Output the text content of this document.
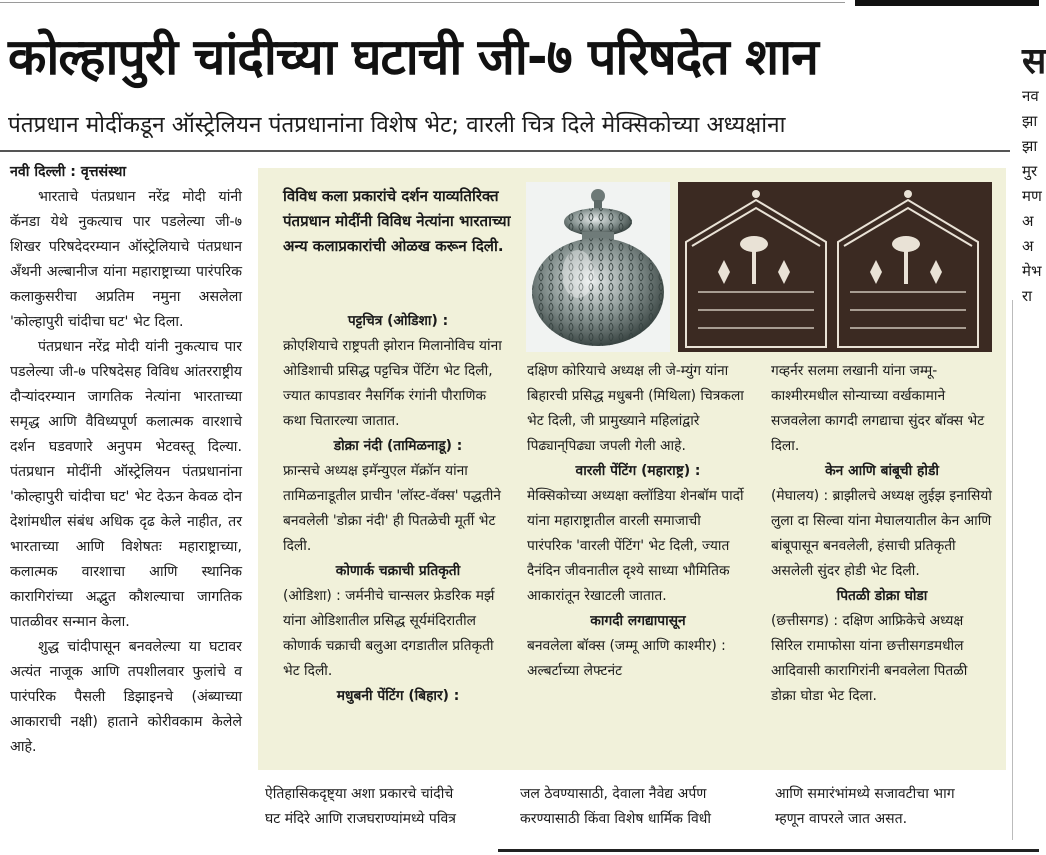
कोल्हापुरी चांदीच्या घटाची जी-७ परिषदेत शान
पंतप्रधान मोदींकडून ऑस्ट्रेलियन पंतप्रधानांना विशेष भेट; वारली चित्र दिले मेक्सिकोच्या अध्यक्षांना

नवी दिल्ली : वृत्तसंस्था

भारताचे पंतप्रधान नरेंद्र मोदी यांनी कॅनडा येथे नुकत्याच पार पडलेल्या जी-७ शिखर परिषदेदरम्यान ऑस्ट्रेलियाचे पंतप्रधान अँथनी अल्बानीज यांना महाराष्ट्राच्या पारंपरिक कलाकुसरीचा अप्रतिम नमुना असलेला 'कोल्हापुरी चांदीचा घट' भेट दिला.

पंतप्रधान नरेंद्र मोदी यांनी नुकत्याच पार पडलेल्या जी-७ परिषदेसह विविध आंतरराष्ट्रीय दौऱ्यांदरम्यान जागतिक नेत्यांना भारताच्या समृद्ध आणि वैविध्यपूर्ण कलात्मक वारशाचे दर्शन घडवणारे अनुपम भेटवस्तू दिल्या. पंतप्रधान मोदींनी ऑस्ट्रेलियन पंतप्रधानांना 'कोल्हापुरी चांदीचा घट' भेट देऊन केवळ दोन देशांमधील संबंध अधिक दृढ केले नाहीत, तर भारताच्या आणि विशेषतः महाराष्ट्राच्या, कलात्मक वारशाचा आणि स्थानिक कारागिरांच्या अद्भुत कौशल्याचा जागतिक पातळीवर सन्मान केला.

शुद्ध चांदीपासून बनवलेल्या या घटावर अत्यंत नाजूक आणि तपशीलवार फुलांचे व पारंपरिक पैसली डिझाइनचे (अंब्याच्या आकाराची नक्षी) हाताने कोरीवकाम केलेले आहे.

विविध कला प्रकारांचे दर्शन याव्यतिरिक्त पंतप्रधान मोदींनी विविध नेत्यांना भारताच्या अन्य कलाप्रकारांची ओळख करून दिली.

पट्टचित्र (ओडिशा) :

क्रोएशियाचे राष्ट्रपती झोरान मिलानोविच यांना ओडिशाची प्रसिद्ध पट्टचित्र पेंटिंग भेट दिली, ज्यात कापडावर नैसर्गिक रंगांनी पौराणिक कथा चितारल्या जातात.

डोक्रा नंदी (तामिळनाडू) :

फ्रान्सचे अध्यक्ष इमॅन्युएल मॅक्रॉन यांना तामिळनाडूतील प्राचीन 'लॉस्ट-वॅक्स' पद्धतीने बनवलेली 'डोक्रा नंदी' ही पितळेची मूर्ती भेट दिली.

कोणार्क चक्राची प्रतिकृती

(ओडिशा) : जर्मनीचे चान्सलर फ्रेडरिक मर्झ यांना ओडिशातील प्रसिद्ध सूर्यमंदिरातील कोणार्क चक्राची बलुआ दगडातील प्रतिकृती भेट दिली.

मधुबनी पेंटिंग (बिहार) :

दक्षिण कोरियाचे अध्यक्ष ली जे-म्युंग यांना बिहारची प्रसिद्ध मधुबनी (मिथिला) चित्रकला भेट दिली, जी प्रामुख्याने महिलांद्वारे पिढ्यान्‌पिढ्या जपली गेली आहे.

वारली पेंटिंग (महाराष्ट्र) :

मेक्सिकोच्या अध्यक्षा क्लॉडिया शेनबॉम पार्दो यांना महाराष्ट्रातील वारली समाजाची पारंपरिक 'वारली पेंटिंग' भेट दिली, ज्यात दैनंदिन जीवनातील दृश्ये साध्या भौमितिक आकारांतून रेखाटली जातात.

कागदी लगद्यापासून

बनवलेला बॉक्स (जम्मू आणि काश्मीर) : अल्बर्टाच्या लेफ्टनंट

गव्हर्नर सलमा लखानी यांना जम्मू-काश्मीरमधील सोन्याच्या वर्खकामाने सजवलेला कागदी लगद्याचा सुंदर बॉक्स भेट दिला.

केन आणि बांबूची होडी

(मेघालय) : ब्राझीलचे अध्यक्ष लुईझ इनासियो लुला दा सिल्वा यांना मेघालयातील केन आणि बांबूपासून बनवलेली, हंसाची प्रतिकृती असलेली सुंदर होडी भेट दिली.

पितळी डोक्रा घोडा

(छत्तीसगड) : दक्षिण आफ्रिकेचे अध्यक्ष सिरिल रामाफोसा यांना छत्तीसगडमधील आदिवासी कारागिरांनी बनवलेला पितळी डोक्रा घोडा भेट दिला.

ऐतिहासिकदृष्ट्या अशा प्रकारचे चांदीचे
घट मंदिरे आणि राजघराण्यांमध्ये पवित्र
जल ठेवण्यासाठी, देवाला नैवेद्य अर्पण
करण्यासाठी किंवा विशेष धार्मिक विधी
आणि समारंभांमध्ये सजावटीचा भाग
म्हणून वापरले जात असत.
स
नव
झा
झा
मुर
मण
अ
अ
मेभ
रा
